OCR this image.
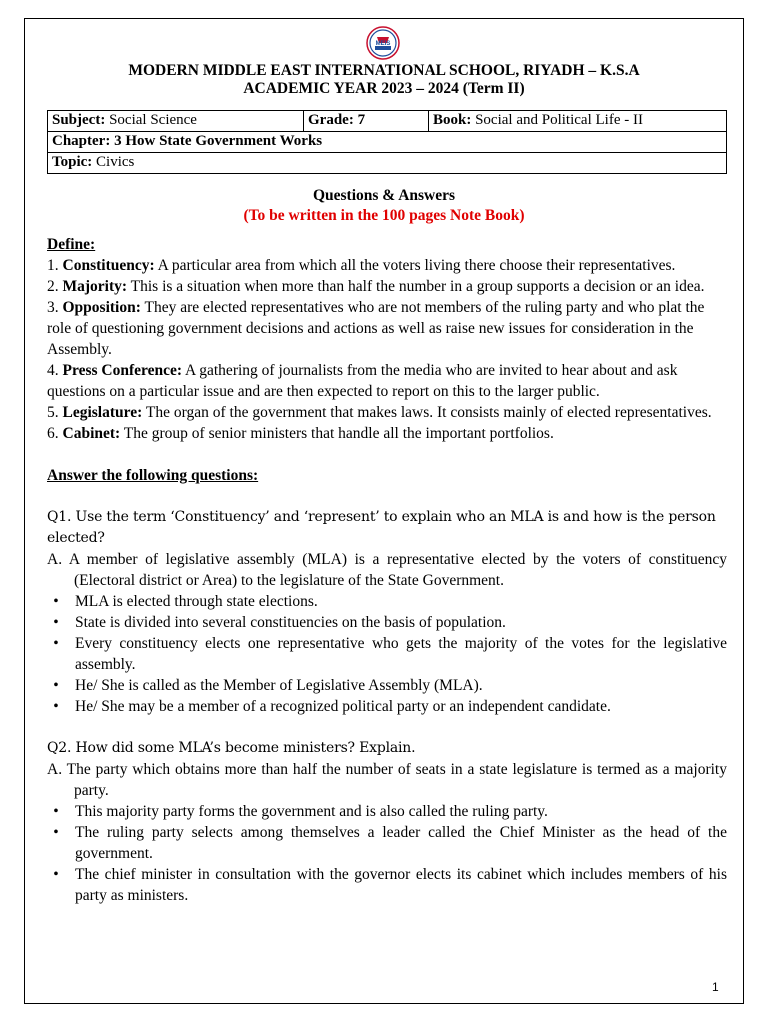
MEIS
MODERN MIDDLE EAST INTERNATIONAL SCHOOL, RIYADH – K.S.A
ACADEMIC YEAR 2023 – 2024 (Term II)
Subject: Social Science	Grade: 7	Book: Social and Political Life - II
Chapter: 3 How State Government Works
Topic: Civics
Questions & Answers
(To be written in the 100 pages Note Book)
Define:
1. Constituency: A particular area from which all the voters living there choose their representatives.
2. Majority: This is a situation when more than half the number in a group supports a decision or an idea.
3. Opposition: They are elected representatives who are not members of the ruling party and who plat the role of questioning government decisions and actions as well as raise new issues for consideration in the Assembly.
4. Press Conference: A gathering of journalists from the media who are invited to hear about and ask questions on a particular issue and are then expected to report on this to the larger public.
5. Legislature: The organ of the government that makes laws. It consists mainly of elected representatives.
6. Cabinet: The group of senior ministers that handle all the important portfolios.
Answer the following questions:
Q1. Use the term ‘Constituency’ and ‘represent’ to explain who an MLA is and how is the person elected?
A. A member of legislative assembly (MLA) is a representative elected by the voters of constituency (Electoral district or Area) to the legislature of the State Government.
• MLA is elected through state elections.
• State is divided into several constituencies on the basis of population.
• Every constituency elects one representative who gets the majority of the votes for the legislative assembly.
• He/ She is called as the Member of Legislative Assembly (MLA).
• He/ She may be a member of a recognized political party or an independent candidate.
Q2. How did some MLA’s become ministers? Explain.
A. The party which obtains more than half the number of seats in a state legislature is termed as a majority party.
• This majority party forms the government and is also called the ruling party.
• The ruling party selects among themselves a leader called the Chief Minister as the head of the government.
• The chief minister in consultation with the governor elects its cabinet which includes members of his party as ministers.
1
